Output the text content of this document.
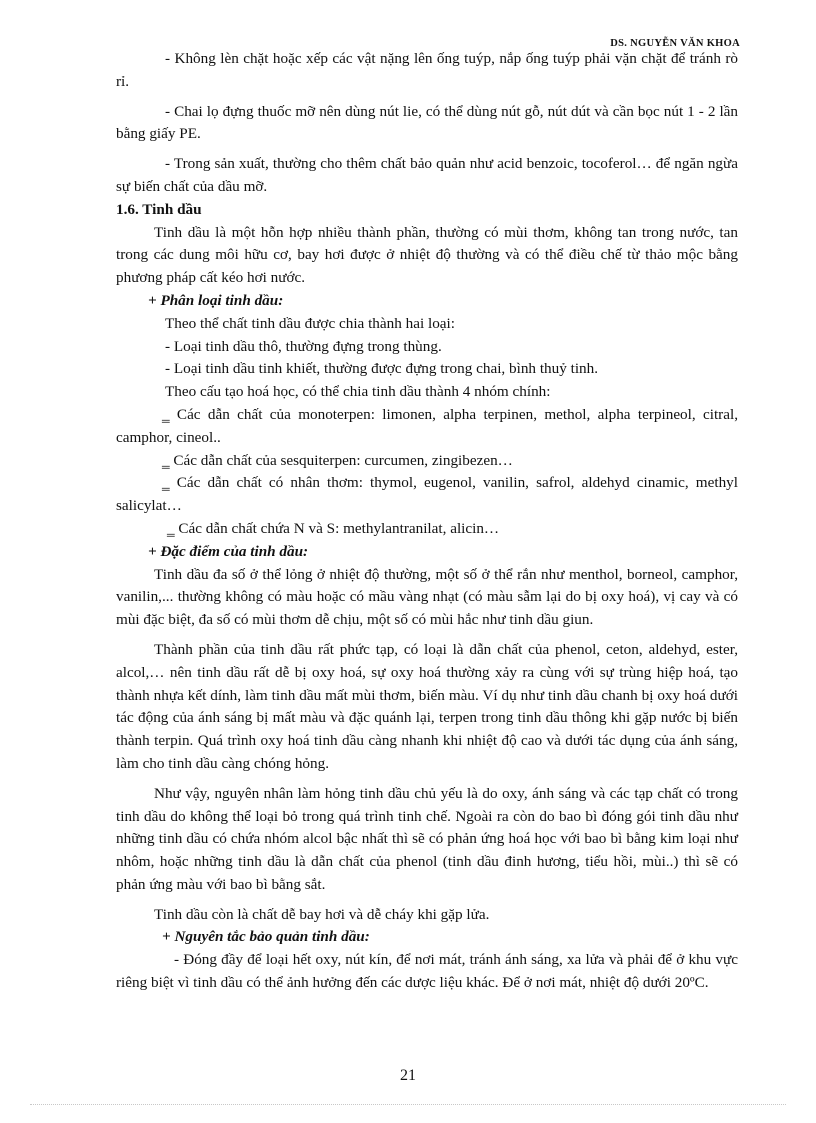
DS. NGUYỄN VĂN KHOA

- Không lèn chặt hoặc xếp các vật nặng lên ống tuýp, nắp ống tuýp phải vặn chặt để tránh rò rỉ.

- Chai lọ đựng thuốc mỡ nên dùng nút lie, có thể dùng nút gỗ, nút dút và cần bọc nút 1 - 2 lần bằng giấy PE.

- Trong sản xuất, thường cho thêm chất bảo quản như acid benzoic, tocoferol… để ngăn ngừa sự biến chất của dầu mỡ.

1.6. Tinh dầu

Tinh dầu là một hỗn hợp nhiều thành phần, thường có mùi thơm, không tan trong nước, tan trong các dung môi hữu cơ, bay hơi được ở nhiệt độ thường và có thể điều chế từ thảo mộc bằng phương pháp cất kéo hơi nước.

+ Phân loại tinh dầu:

Theo thể chất tinh dầu được chia thành hai loại:

- Loại tinh dầu thô, thường đựng trong thùng.

- Loại tinh dầu tinh khiết, thường được đựng trong chai, bình thuỷ tinh.

Theo cấu tạo hoá học, có thể chia tinh dầu thành 4 nhóm chính:

‗ Các dẫn chất của monoterpen: limonen, alpha terpinen, methol, alpha terpineol, citral, camphor, cineol..

‗ Các dẫn chất của sesquiterpen: curcumen, zingibezen…

‗ Các dẫn chất có nhân thơm: thymol, eugenol, vanilin, safrol, aldehyd cinamic, methyl salicylat…

‗ Các dẫn chất chứa N và S: methylantranilat, alicin…

+ Đặc điểm của tinh dầu:

Tinh dầu đa số ở thể lỏng ở nhiệt độ thường, một số ở thể rắn như menthol, borneol, camphor, vanilin,... thường không có màu hoặc có mầu vàng nhạt (có màu sẫm lại do bị oxy hoá), vị cay và có mùi đặc biệt, đa số có mùi thơm dễ chịu, một số có mùi hắc như tinh dầu giun.

Thành phần của tinh dầu rất phức tạp, có loại là dẫn chất của phenol, ceton, aldehyd, ester, alcol,… nên tinh dầu rất dễ bị oxy hoá, sự oxy hoá thường xảy ra cùng với sự trùng hiệp hoá, tạo thành nhựa kết dính, làm tinh dầu mất mùi thơm, biến màu. Ví dụ như tinh dầu chanh bị oxy hoá dưới tác động của ánh sáng bị mất màu và đặc quánh lại, terpen trong tinh dầu thông khi gặp nước bị biến thành terpin. Quá trình oxy hoá tinh dầu càng nhanh khi nhiệt độ cao và dưới tác dụng của ánh sáng, làm cho tinh dầu càng chóng hỏng.

Như vậy, nguyên nhân làm hỏng tinh dầu chủ yếu là do oxy, ánh sáng và các tạp chất có trong tinh dầu do không thể loại bỏ trong quá trình tinh chế. Ngoài ra còn do bao bì đóng gói tinh dầu như những tinh dầu có chứa nhóm alcol bậc nhất thì sẽ có phản ứng hoá học với bao bì bằng kim loại như nhôm, hoặc những tinh dầu là dẫn chất của phenol (tinh dầu đinh hương, tiểu hồi, mùi..) thì sẽ có phản ứng màu với bao bì bằng sắt.

Tinh dầu còn là chất dễ bay hơi và dễ cháy khi gặp lửa.

+ Nguyên tắc bảo quản tinh dầu:

- Đóng đầy để loại hết oxy, nút kín, để nơi mát, tránh ánh sáng, xa lửa và phải để ở khu vực riêng biệt vì tinh dầu có thể ảnh hưởng đến các dược liệu khác. Để ở nơi mát, nhiệt độ dưới 20ºC.

21
